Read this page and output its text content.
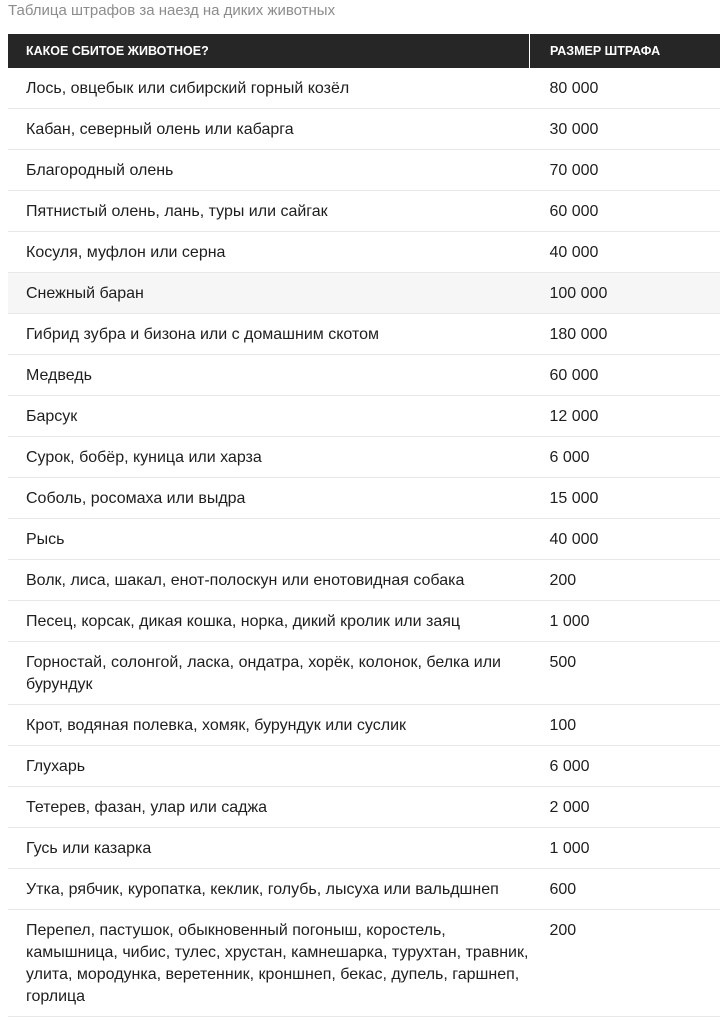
Таблица штрафов за наезд на диких животных
КАКОЕ СБИТОЕ ЖИВОТНОЕ?	РАЗМЕР ШТРАФА
Лось, овцебык или сибирский горный козёл	80 000
Кабан, северный олень или кабарга	30 000
Благородный олень	70 000
Пятнистый олень, лань, туры или сайгак	60 000
Косуля, муфлон или серна	40 000
Снежный баран	100 000
Гибрид зубра и бизона или с домашним скотом	180 000
Медведь	60 000
Барсук	12 000
Сурок, бобёр, куница или харза	6 000
Соболь, росомаха или выдра	15 000
Рысь	40 000
Волк, лиса, шакал, енот-полоскун или енотовидная собака	200
Песец, корсак, дикая кошка, норка, дикий кролик или заяц	1 000
Горностай, солонгой, ласка, ондатра, хорёк, колонок, белка или бурундук	500
Крот, водяная полевка, хомяк, бурундук или суслик	100
Глухарь	6 000
Тетерев, фазан, улар или саджа	2 000
Гусь или казарка	1 000
Утка, рябчик, куропатка, кеклик, голубь, лысуха или вальдшнеп	600
Перепел, пастушок, обыкновенный погоныш, коростель, камышница, чибис, тулес, хрустан, камнешарка, турухтан, травник, улита, мородунка, веретенник, кроншнеп, бекас, дупель, гаршнеп, горлица	200
